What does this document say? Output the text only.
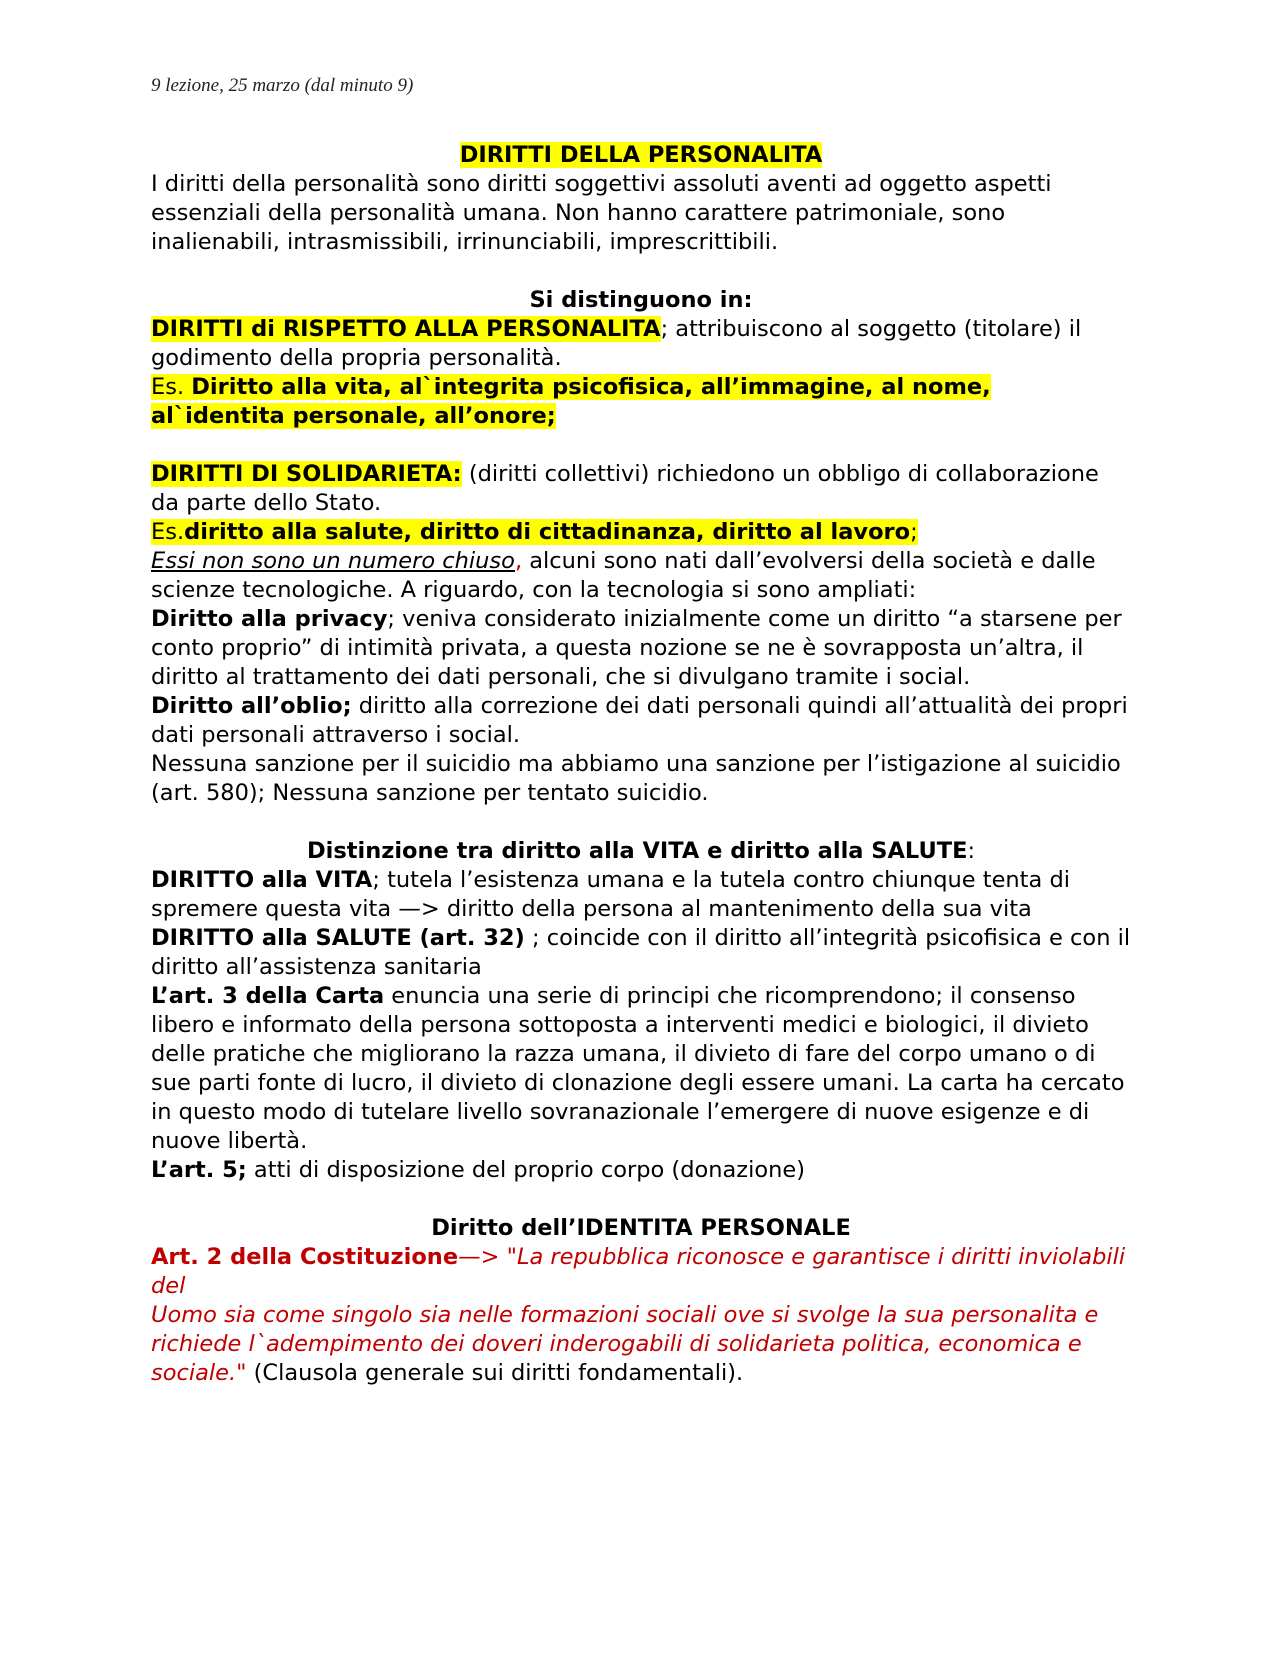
9 lezione, 25 marzo (dal minuto 9)

DIRITTI DELLA PERSONALITA

I diritti della personalità sono diritti soggettivi assoluti aventi ad oggetto aspetti essenziali della personalità umana. Non hanno carattere patrimoniale, sono inalienabili, intrasmissibili, irrinunciabili, imprescrittibili.

Si distinguono in:

DIRITTI di RISPETTO ALLA PERSONALITA; attribuiscono al soggetto (titolare) il godimento della propria personalità.

Es. Diritto alla vita, al`integrita psicofisica, all’immagine, al nome, al`identita personale, all’onore;

DIRITTI DI SOLIDARIETA: (diritti collettivi) richiedono un obbligo di collaborazione da parte dello Stato.

Es.diritto alla salute, diritto di cittadinanza, diritto al lavoro;

Essi non sono un numero chiuso, alcuni sono nati dall’evolversi della società e dalle scienze tecnologiche. A riguardo, con la tecnologia si sono ampliati:

Diritto alla privacy; veniva considerato inizialmente come un diritto “a starsene per conto proprio” di intimità privata, a questa nozione se ne è sovrapposta un’altra, il diritto al trattamento dei dati personali, che si divulgano tramite i social.

Diritto all’oblio; diritto alla correzione dei dati personali quindi all’attualità dei propri dati personali attraverso i social.

Nessuna sanzione per il suicidio ma abbiamo una sanzione per l’istigazione al suicidio (art. 580); Nessuna sanzione per tentato suicidio.

Distinzione tra diritto alla VITA e diritto alla SALUTE:

DIRITTO alla VITA; tutela l’esistenza umana e la tutela contro chiunque tenta di spremere questa vita —> diritto della persona al mantenimento della sua vita

DIRITTO alla SALUTE (art. 32) ; coincide con il diritto all’integrità psicofisica e con il diritto all’assistenza sanitaria

L’art. 3 della Carta enuncia una serie di principi che ricomprendono; il consenso libero e informato della persona sottoposta a interventi medici e biologici, il divieto delle pratiche che migliorano la razza umana, il divieto di fare del corpo umano o di sue parti fonte di lucro, il divieto di clonazione degli essere umani. La carta ha cercato in questo modo di tutelare livello sovranazionale l’emergere di nuove esigenze e di nuove libertà.

L’art. 5; atti di disposizione del proprio corpo (donazione)

Diritto dell’IDENTITA PERSONALE

Art. 2 della Costituzione—> "La repubblica riconosce e garantisce i diritti inviolabili del

Uomo sia come singolo sia nelle formazioni sociali ove si svolge la sua personalita e richiede l`adempimento dei doveri inderogabili di solidarieta politica, economica e sociale." (Clausola generale sui diritti fondamentali).
